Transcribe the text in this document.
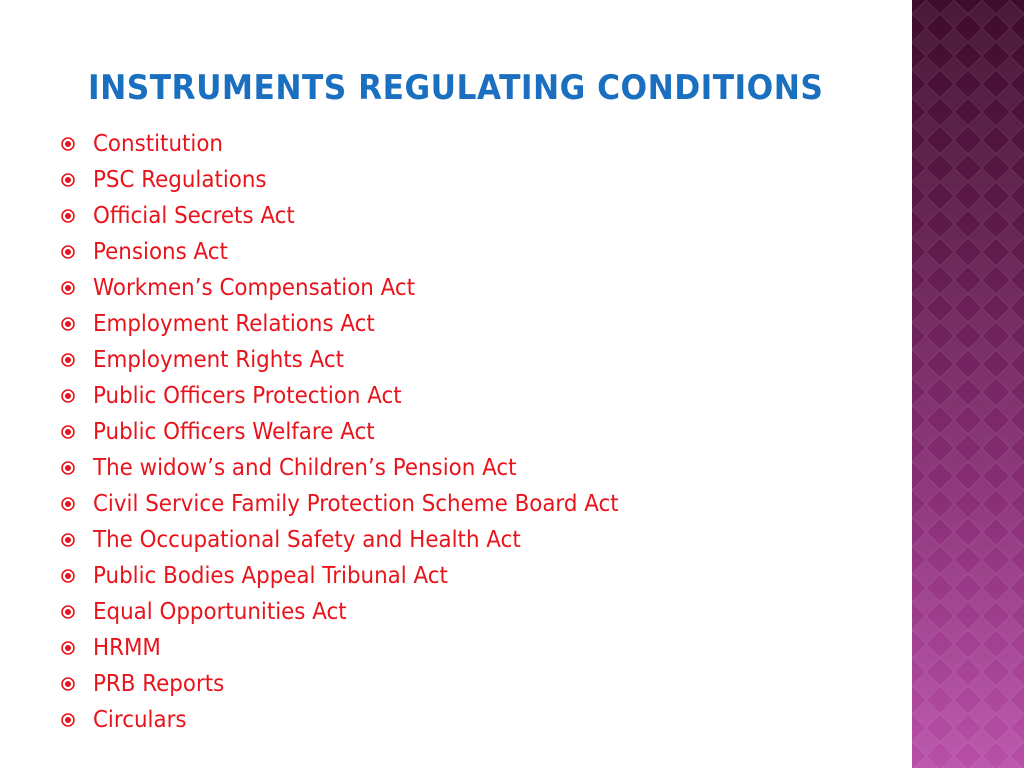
INSTRUMENTS REGULATING CONDITIONS
Constitution
PSC Regulations
Official Secrets Act
Pensions Act
Workmen’s Compensation Act
Employment Relations Act
Employment Rights Act
Public Officers Protection Act
Public Officers Welfare Act
The widow’s and Children’s Pension Act
Civil Service Family Protection Scheme Board Act
The Occupational Safety and Health Act
Public Bodies Appeal Tribunal Act
Equal Opportunities Act
HRMM
PRB Reports
Circulars
